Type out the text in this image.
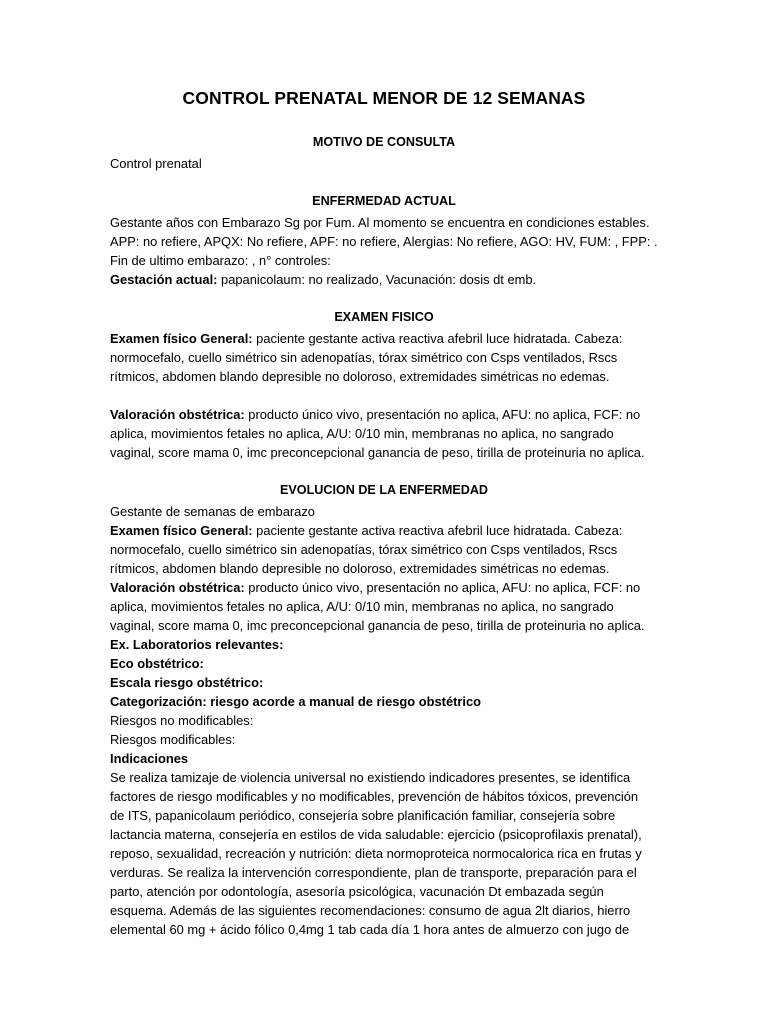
CONTROL PRENATAL MENOR DE 12 SEMANAS
MOTIVO DE CONSULTA

Control prenatal

ENFERMEDAD ACTUAL

Gestante años con Embarazo Sg por Fum. Al momento se encuentra en condiciones estables.

APP: no refiere, APQX: No refiere, APF: no refiere, Alergias: No refiere, AGO: HV, FUM: , FPP: .

Fin de ultimo embarazo: , n° controles:

Gestación actual: papanicolaum: no realizado, Vacunación: dosis dt emb.

EXAMEN FISICO

Examen físico General: paciente gestante activa reactiva afebril luce hidratada. Cabeza:

normocefalo, cuello simétrico sin adenopatías, tórax simétrico con Csps ventilados, Rscs

rítmicos, abdomen blando depresible no doloroso, extremidades simétricas no edemas.

Valoración obstétrica: producto único vivo, presentación no aplica, AFU: no aplica, FCF: no

aplica, movimientos fetales no aplica, A/U: 0/10 min, membranas no aplica, no sangrado

vaginal, score mama 0, imc preconcepcional ganancia de peso, tirilla de proteinuria no aplica.

EVOLUCION DE LA ENFERMEDAD

Gestante de semanas de embarazo

Examen físico General: paciente gestante activa reactiva afebril luce hidratada. Cabeza:

normocefalo, cuello simétrico sin adenopatías, tórax simétrico con Csps ventilados, Rscs

rítmicos, abdomen blando depresible no doloroso, extremidades simétricas no edemas.

Valoración obstétrica: producto único vivo, presentación no aplica, AFU: no aplica, FCF: no

aplica, movimientos fetales no aplica, A/U: 0/10 min, membranas no aplica, no sangrado

vaginal, score mama 0, imc preconcepcional ganancia de peso, tirilla de proteinuria no aplica.

Ex. Laboratorios relevantes:

Eco obstétrico:

Escala riesgo obstétrico:

Categorización: riesgo acorde a manual de riesgo obstétrico

Riesgos no modificables:

Riesgos modificables:

Indicaciones

Se realiza tamizaje de violencia universal no existiendo indicadores presentes, se identifica

factores de riesgo modificables y no modificables, prevención de hábitos tóxicos, prevención

de ITS, papanicolaum periódico, consejería sobre planificación familiar, consejería sobre

lactancia materna, consejería en estilos de vida saludable: ejercicio (psicoprofilaxis prenatal),

reposo, sexualidad, recreación y nutrición: dieta normoproteica normocalorica rica en frutas y

verduras. Se realiza la intervención correspondiente, plan de transporte, preparación para el

parto, atención por odontología, asesoría psicológica, vacunación Dt embazada según

esquema. Además de las siguientes recomendaciones: consumo de agua 2lt diarios, hierro

elemental 60 mg + ácido fólico 0,4mg 1 tab cada día 1 hora antes de almuerzo con jugo de
